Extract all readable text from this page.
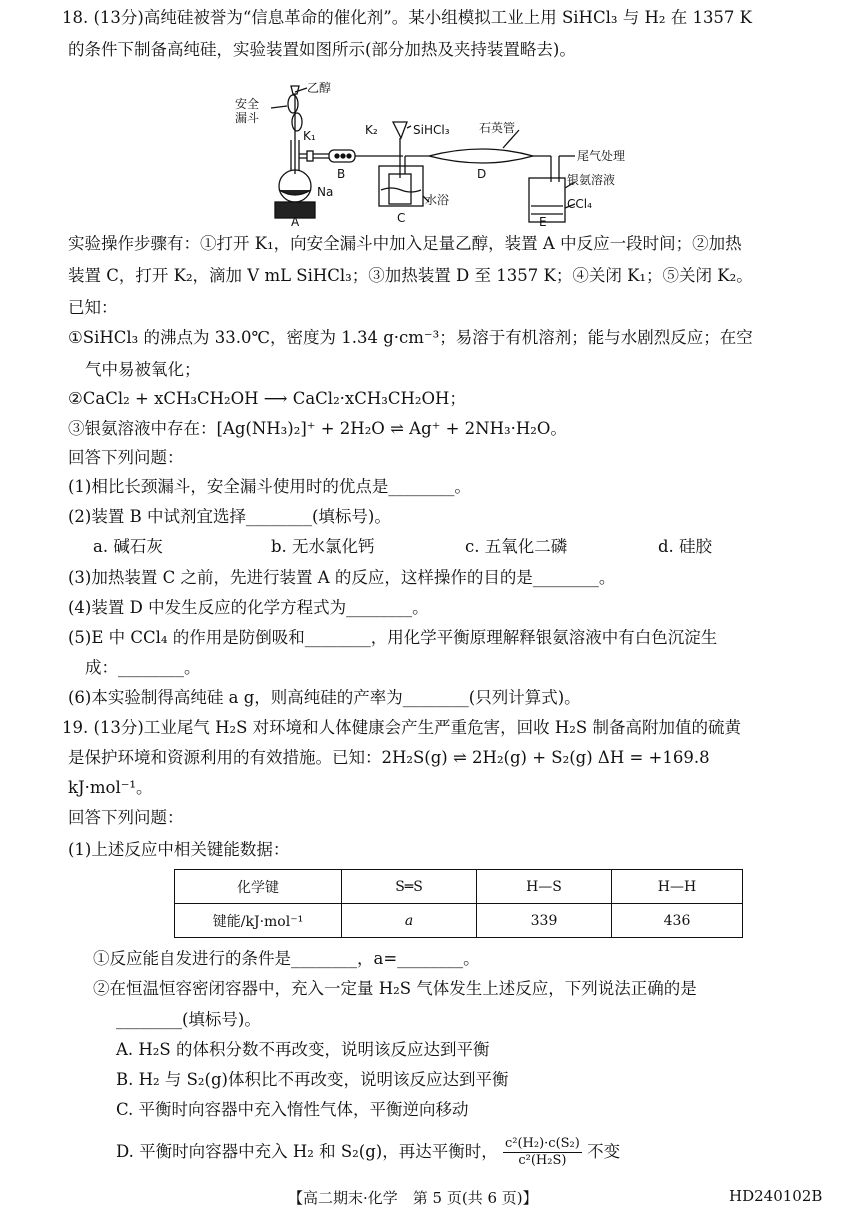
18. (13分)高纯硅被誉为“信息革命的催化剂”。某小组模拟工业上用 SiHCl₃ 与 H₂ 在 1357 K
的条件下制备高纯硅，实验装置如图所示(部分加热及夹持装置略去)。
乙醇
安全
漏斗
K₁
Na
A
B
K₂	SiHCl₃
C
水浴
石英管
D
尾气处理
银氨溶液
CCl₄
E
实验操作步骤有：①打开 K₁，向安全漏斗中加入足量乙醇，装置 A 中反应一段时间；②加热
装置 C，打开 K₂，滴加 V mL SiHCl₃；③加热装置 D 至 1357 K；④关闭 K₁；⑤关闭 K₂。
已知：
①SiHCl₃ 的沸点为 33.0℃，密度为 1.34 g·cm⁻³；易溶于有机溶剂；能与水剧烈反应；在空
气中易被氧化；
②CaCl₂ + xCH₃CH₂OH ⟶ CaCl₂·xCH₃CH₂OH；
③银氨溶液中存在：[Ag(NH₃)₂]⁺ + 2H₂O ⇌ Ag⁺ + 2NH₃·H₂O。
回答下列问题：
(1)相比长颈漏斗，安全漏斗使用时的优点是________。
(2)装置 B 中试剂宜选择________(填标号)。
a. 碱石灰	b. 无水氯化钙	c. 五氧化二磷	d. 硅胶
(3)加热装置 C 之前，先进行装置 A 的反应，这样操作的目的是________。
(4)装置 D 中发生反应的化学方程式为________。
(5)E 中 CCl₄ 的作用是防倒吸和________，用化学平衡原理解释银氨溶液中有白色沉淀生
成：________。
(6)本实验制得高纯硅 a g，则高纯硅的产率为________(只列计算式)。
19. (13分)工业尾气 H₂S 对环境和人体健康会产生严重危害，回收 H₂S 制备高附加值的硫黄
是保护环境和资源利用的有效措施。已知：2H₂S(g) ⇌ 2H₂(g) + S₂(g) ΔH = +169.8
kJ·mol⁻¹。
回答下列问题：
(1)上述反应中相关键能数据：
化学键	S═S	H—S	H—H
键能/kJ·mol⁻¹	a	339	436
①反应能自发进行的条件是________，a=________。
②在恒温恒容密闭容器中，充入一定量 H₂S 气体发生上述反应，下列说法正确的是
________(填标号)。
A. H₂S 的体积分数不再改变，说明该反应达到平衡
B. H₂ 与 S₂(g)体积比不再改变，说明该反应达到平衡
C. 平衡时向容器中充入惰性气体，平衡逆向移动
D. 平衡时向容器中充入 H₂ 和 S₂(g)，再达平衡时， $\frac{\text{c²(H₂)·c(S₂)}}{\text{c²(H₂S)}}$ 不变
【高二期末·化学　第 5 页(共 6 页)】	HD240102B
